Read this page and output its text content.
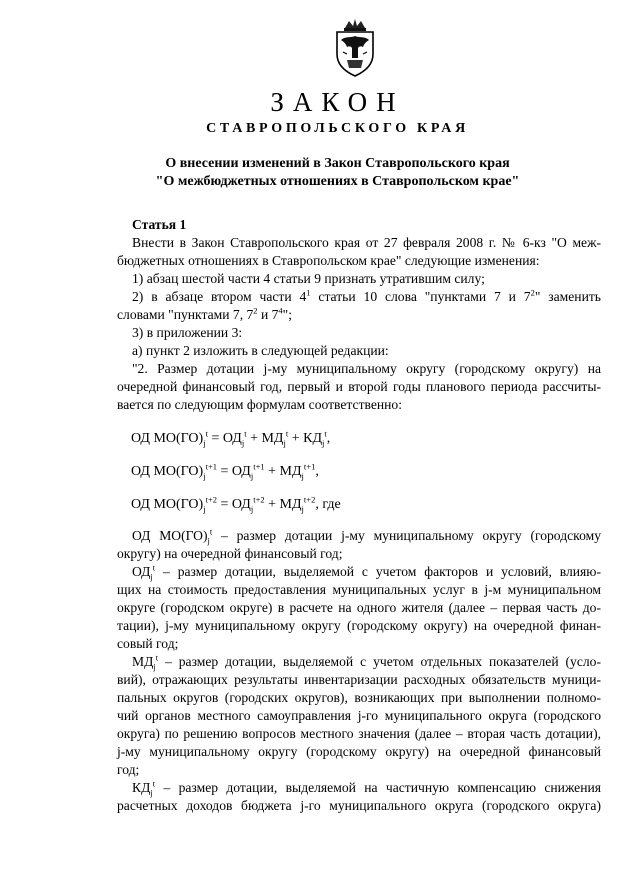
ЗАКОН
СТАВРОПОЛЬСКОГО КРАЯ
О внесении изменений в Закон Ставропольского края
"О межбюджетных отношениях в Ставропольском крае"
Статья 1
Внести в Закон Ставропольского края от 27 февраля 2008 г. № 6-кз "О меж-
бюджетных отношениях в Ставропольском крае" следующие изменения:
1) абзац шестой части 4 статьи 9 признать утратившим силу;
2) в абзаце втором части $4^1$ статьи 10 слова "пунктами 7 и $7^2$" заменить
словами "пунктами 7, $7^2$ и $7^4$";
3) в приложении 3:
а) пункт 2 изложить в следующей редакции:
"2. Размер дотации j-му муниципальному округу (городскому округу) на
очередной финансовый год, первый и второй годы планового периода рассчиты-
вается по следующим формулам соответственно:
ОД $МО(ГО)_j^t = ОД_j^t + МД_j^t + КД_j^t$,
ОД $МО(ГО)_j^{t+1} = ОД_j^{t+1} + МД_j^{t+1}$,
ОД $МО(ГО)_j^{t+2} = ОД_j^{t+2} + МД_j^{t+2}$, где
ОД $МО(ГО)_j^t$ – размер дотации j-му муниципальному округу (городскому
округу) на очередной финансовый год;
$ОД_j^t$ – размер дотации, выделяемой с учетом факторов и условий, влияю-
щих на стоимость предоставления муниципальных услуг в j-м муниципальном
округе (городском округе) в расчете на одного жителя (далее – первая часть до-
тации), j-му муниципальному округу (городскому округу) на очередной финан-
совый год;
$МД_j^t$ – размер дотации, выделяемой с учетом отдельных показателей (усло-
вий), отражающих результаты инвентаризации расходных обязательств муници-
пальных округов (городских округов), возникающих при выполнении полномо-
чий органов местного самоуправления j-го муниципального округа (городского
округа) по решению вопросов местного значения (далее – вторая часть дотации),
j-му муниципальному округу (городскому округу) на очередной финансовый
год;
$КД_j^t$ – размер дотации, выделяемой на частичную компенсацию снижения
расчетных доходов бюджета j-го муниципального округа (городского округа)
